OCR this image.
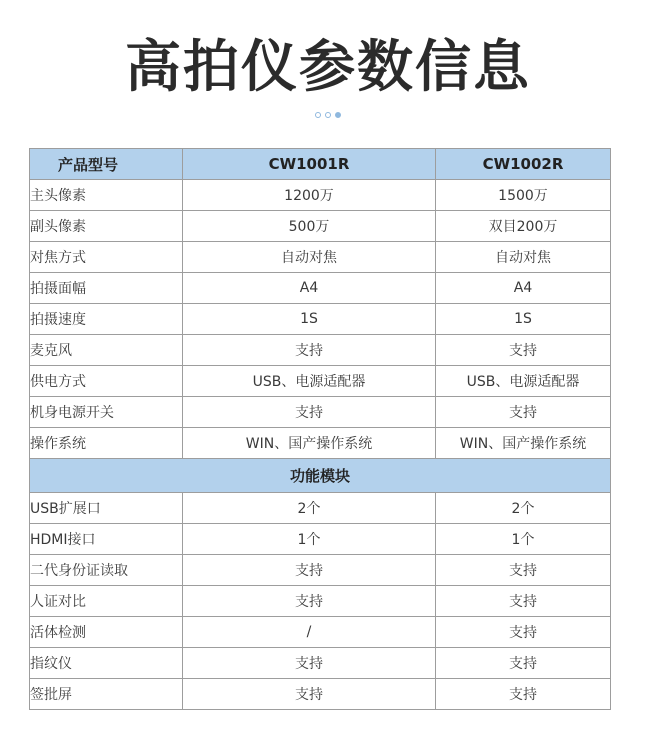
高拍仪参数信息
产品型号	CW1001R	CW1002R
主头像素	1200万	1500万
副头像素	500万	双目200万
对焦方式	自动对焦	自动对焦
拍摄面幅	A4	A4
拍摄速度	1S	1S
麦克风	支持	支持
供电方式	USB、电源适配器	USB、电源适配器
机身电源开关	支持	支持
操作系统	WIN、国产操作系统	WIN、国产操作系统
功能模块		
USB扩展口	2个	2个
HDMI接口	1个	1个
二代身份证读取	支持	支持
人证对比	支持	支持
活体检测	/	支持
指纹仪	支持	支持
签批屏	支持	支持
